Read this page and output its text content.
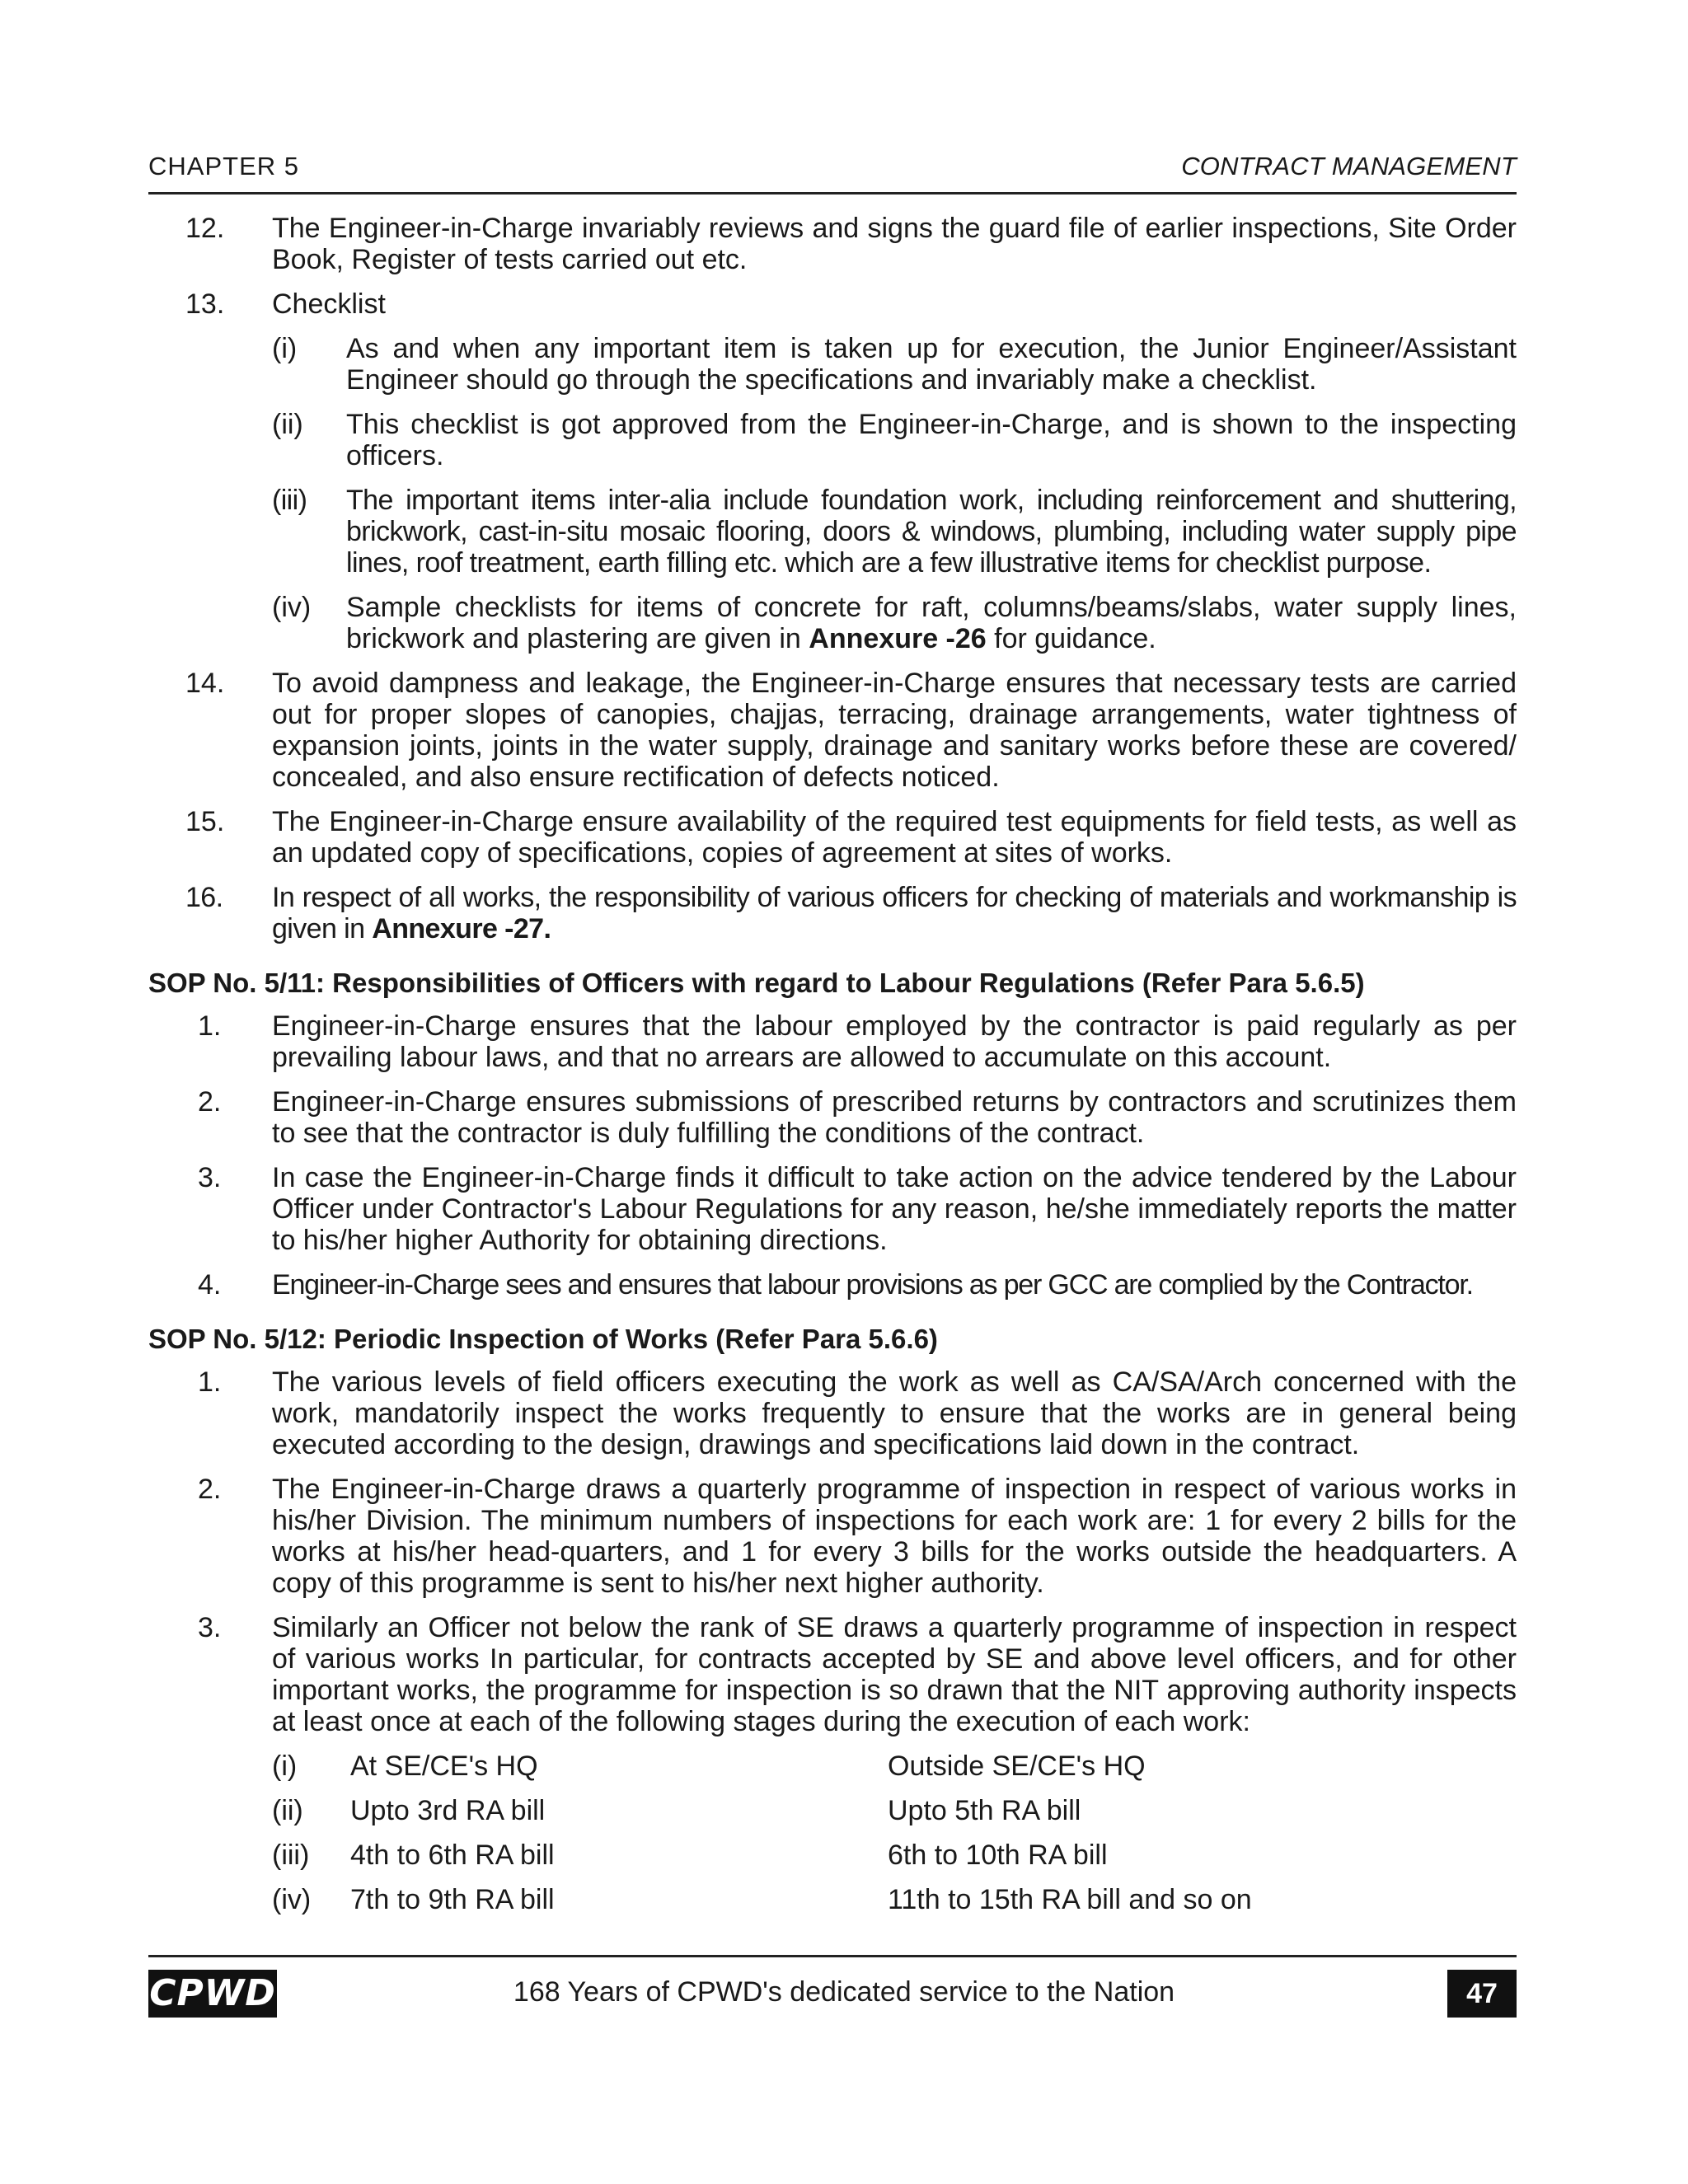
CHAPTER 5	CONTRACT MANAGEMENT
12. The Engineer-in-Charge invariably reviews and signs the guard file of earlier inspections, Site Order Book, Register of tests carried out etc.
13. Checklist
(i) As and when any important item is taken up for execution, the Junior Engineer/Assistant Engineer should go through the specifications and invariably make a checklist.
(ii) This checklist is got approved from the Engineer-in-Charge, and is shown to the inspecting officers.
(iii) The important items inter-alia include foundation work, including reinforcement and shuttering, brickwork, cast-in-situ mosaic flooring, doors & windows, plumbing, including water supply pipe lines, roof treatment, earth filling etc. which are a few illustrative items for checklist purpose.
(iv) Sample checklists for items of concrete for raft, columns/beams/slabs, water supply lines, brickwork and plastering are given in Annexure -26 for guidance.
14. To avoid dampness and leakage, the Engineer-in-Charge ensures that necessary tests are carried out for proper slopes of canopies, chajjas, terracing, drainage arrangements, water tightness of expansion joints, joints in the water supply, drainage and sanitary works before these are covered/ concealed, and also ensure rectification of defects noticed.
15. The Engineer-in-Charge ensure availability of the required test equipments for field tests, as well as an updated copy of specifications, copies of agreement at sites of works.
16. In respect of all works, the responsibility of various officers for checking of materials and workmanship is given in Annexure -27.
SOP No. 5/11: Responsibilities of Officers with regard to Labour Regulations (Refer Para 5.6.5)
1. Engineer-in-Charge ensures that the labour employed by the contractor is paid regularly as per prevailing labour laws, and that no arrears are allowed to accumulate on this account.
2. Engineer-in-Charge ensures submissions of prescribed returns by contractors and scrutinizes them to see that the contractor is duly fulfilling the conditions of the contract.
3. In case the Engineer-in-Charge finds it difficult to take action on the advice tendered by the Labour Officer under Contractor's Labour Regulations for any reason, he/she immediately reports the matter to his/her higher Authority for obtaining directions.
4. Engineer-in-Charge sees and ensures that labour provisions as per GCC are complied by the Contractor.
SOP No. 5/12: Periodic Inspection of Works (Refer Para 5.6.6)
1. The various levels of field officers executing the work as well as CA/SA/Arch concerned with the work, mandatorily inspect the works frequently to ensure that the works are in general being executed according to the design, drawings and specifications laid down in the contract.
2. The Engineer-in-Charge draws a quarterly programme of inspection in respect of various works in his/her Division. The minimum numbers of inspections for each work are: 1 for every 2 bills for the works at his/her head-quarters, and 1 for every 3 bills for the works outside the headquarters. A copy of this programme is sent to his/her next higher authority.
3. Similarly an Officer not below the rank of SE draws a quarterly programme of inspection in respect of various works In particular, for contracts accepted by SE and above level officers, and for other important works, the programme for inspection is so drawn that the NIT approving authority inspects at least once at each of the following stages during the execution of each work:
(i) At SE/CE's HQ	Outside SE/CE's HQ
(ii) Upto 3rd RA bill	Upto 5th RA bill
(iii) 4th to 6th RA bill	6th to 10th RA bill
(iv) 7th to 9th RA bill	11th to 15th RA bill and so on
CPWD	168 Years of CPWD's dedicated service to the Nation	47
